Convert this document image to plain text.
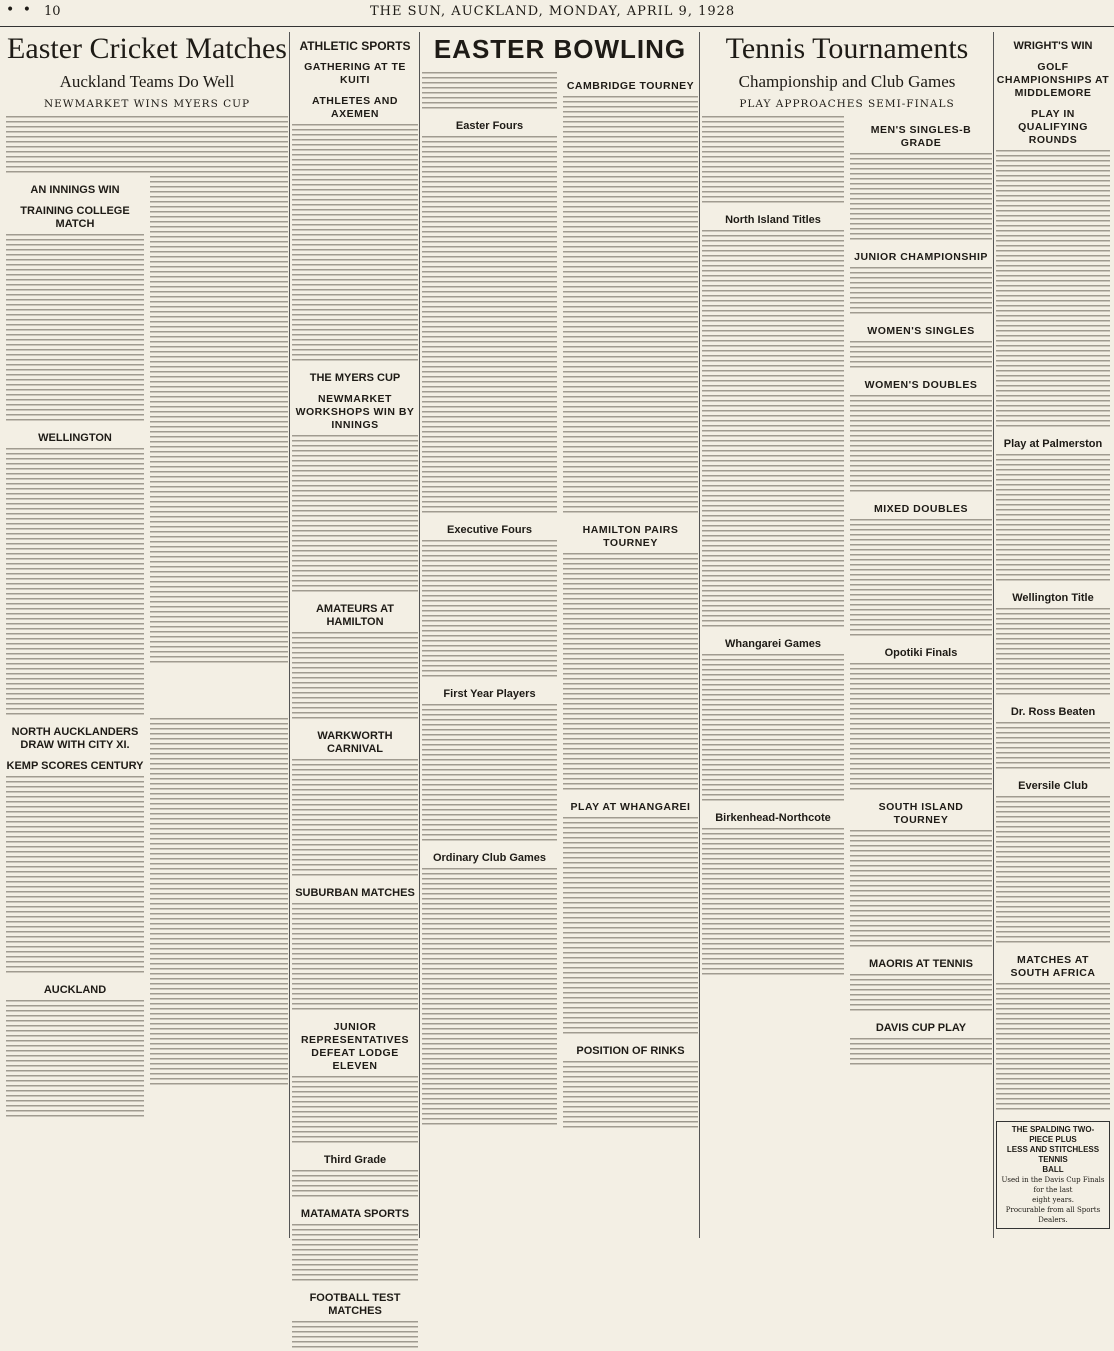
• • 10	THE SUN, AUCKLAND, MONDAY, APRIL 9, 1928
Easter Cricket Matches
Auckland Teams Do Well
NEWMARKET WINS MYERS CUP
AN INNINGS WIN
TRAINING COLLEGE MATCH
WELLINGTON
NORTH AUCKLANDERS DRAW WITH CITY XI.
KEMP SCORES CENTURY
AUCKLAND
ATHLETIC SPORTS
GATHERING AT TE KUITI
ATHLETES AND AXEMEN
THE MYERS CUP
NEWMARKET WORKSHOPS WIN BY INNINGS
AMATEURS AT HAMILTON
WARKWORTH CARNIVAL
SUBURBAN MATCHES
JUNIOR REPRESENTATIVES DEFEAT LODGE ELEVEN
Third Grade
MATAMATA SPORTS
FOOTBALL TEST MATCHES
EASTER BOWLING
Easter Fours
Executive Fours
First Year Players
Ordinary Club Games
CAMBRIDGE TOURNEY
HAMILTON PAIRS TOURNEY
PLAY AT WHANGAREI
POSITION OF RINKS
Tennis Tournaments
Championship and Club Games
PLAY APPROACHES SEMI-FINALS
North Island Titles
Whangarei Games
Birkenhead-Northcote
MEN'S SINGLES-B GRADE
JUNIOR CHAMPIONSHIP
WOMEN'S SINGLES
WOMEN'S DOUBLES
MIXED DOUBLES
Opotiki Finals
SOUTH ISLAND TOURNEY
MAORIS AT TENNIS
DAVIS CUP PLAY
WRIGHT'S WIN
GOLF CHAMPIONSHIPS AT MIDDLEMORE
PLAY IN QUALIFYING ROUNDS
Play at Palmerston
Wellington Title
Dr. Ross Beaten
Eversile Club
MATCHES AT SOUTH AFRICA
THE SPALDING TWO-PIECE PLUS
LESS AND STITCHLESS TENNIS
BALL
Used in the Davis Cup Finals for the last
eight years.
Procurable from all Sports Dealers.
